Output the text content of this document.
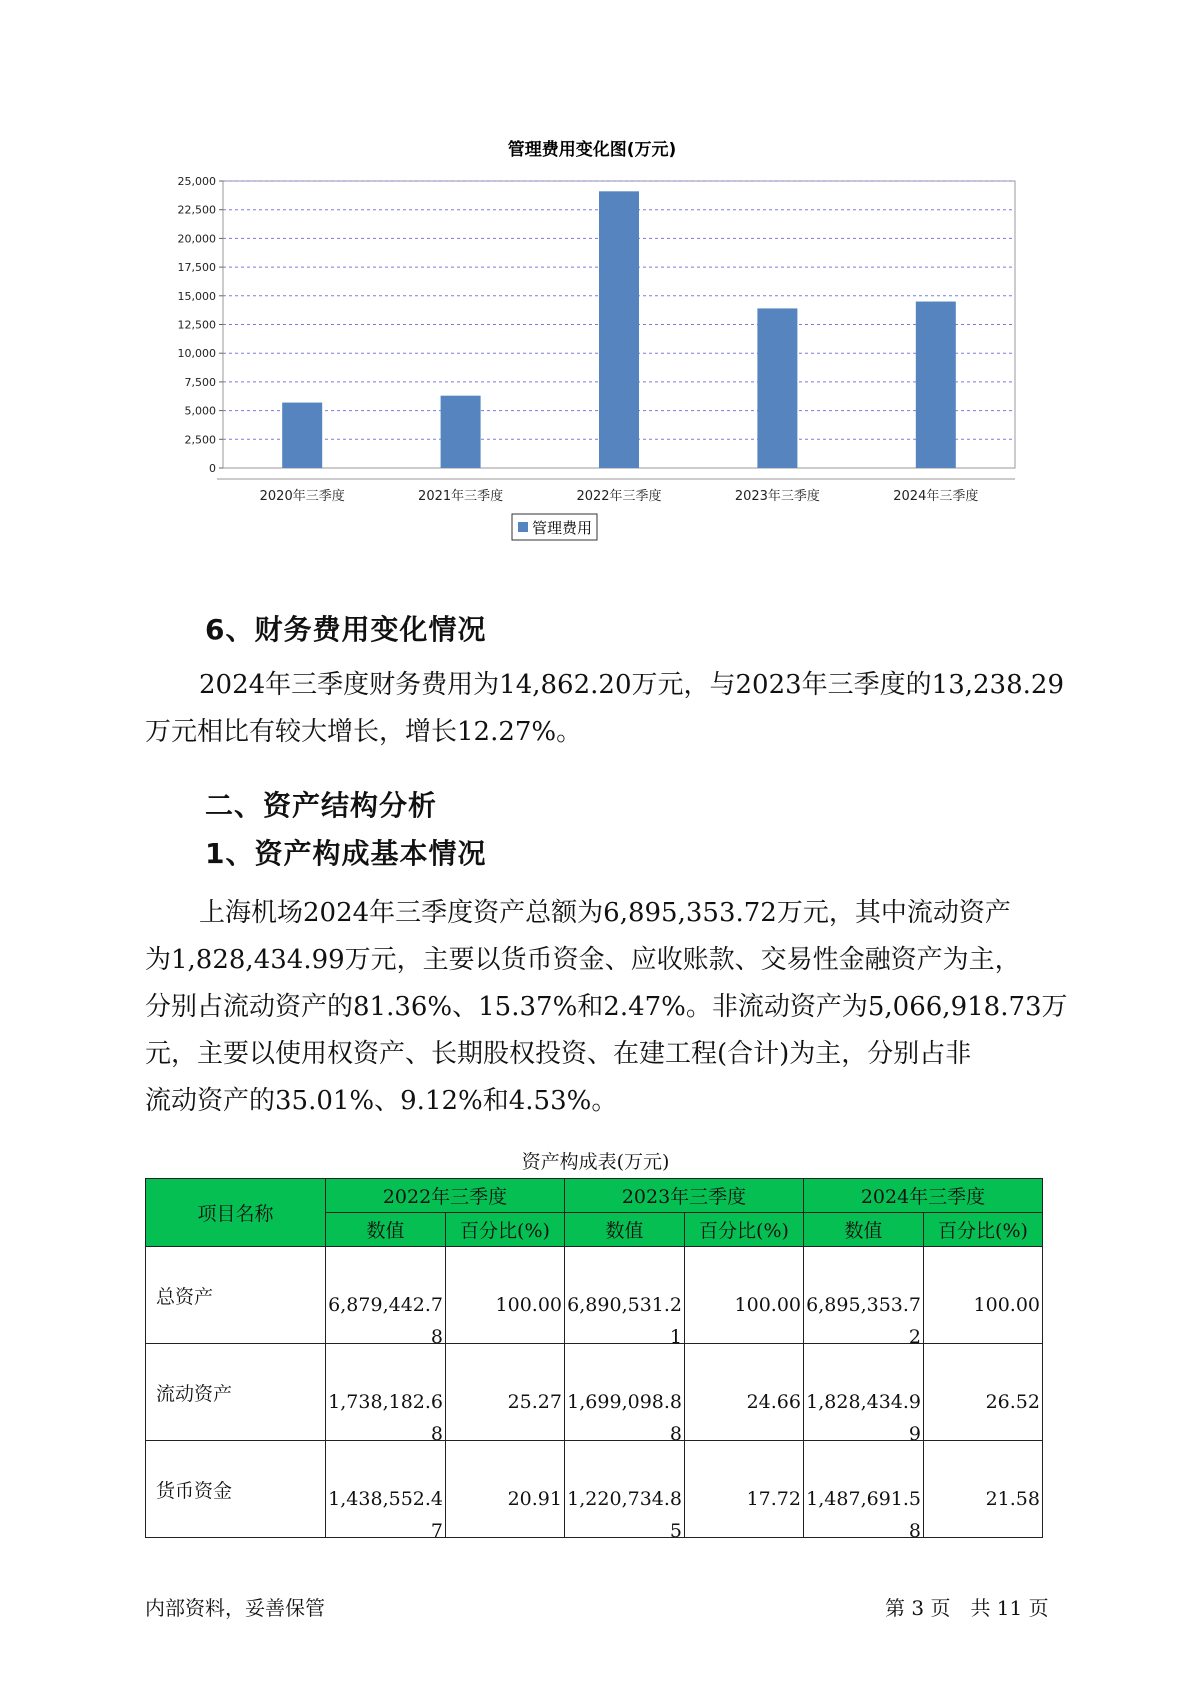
管理费用变化图(万元)
0
2,500
5,000
7,500
10,000
12,500
15,000
17,500
20,000
22,500
25,000
2020年三季度	2021年三季度	2022年三季度	2023年三季度	2024年三季度
管理费用
6、财务费用变化情况
2024年三季度财务费用为14,862.20万元，与2023年三季度的13,238.29
万元相比有较大增长，增长12.27%。
二、资产结构分析
1、资产构成基本情况
上海机场2024年三季度资产总额为6,895,353.72万元，其中流动资产
为1,828,434.99万元，主要以货币资金、应收账款、交易性金融资产为主，
分别占流动资产的81.36%、15.37%和2.47%。非流动资产为5,066,918.73万
元，主要以使用权资产、长期股权投资、在建工程(合计)为主，分别占非
流动资产的35.01%、9.12%和4.53%。
资产构成表(万元)
项目名称	2022年三季度		2023年三季度		2024年三季度	
	数值	百分比(%)	数值	百分比(%)	数值	百分比(%)
总资产	6,879,442.78	100.00	6,890,531.21	100.00	6,895,353.72	100.00

流动资产	1,738,182.68	25.27	1,699,098.88	24.66	1,828,434.99	26.52

货币资金	1,438,552.47	20.91	1,220,734.85	17.72	1,487,691.58	21.58
内部资料，妥善保管	第 3 页　共 11 页
